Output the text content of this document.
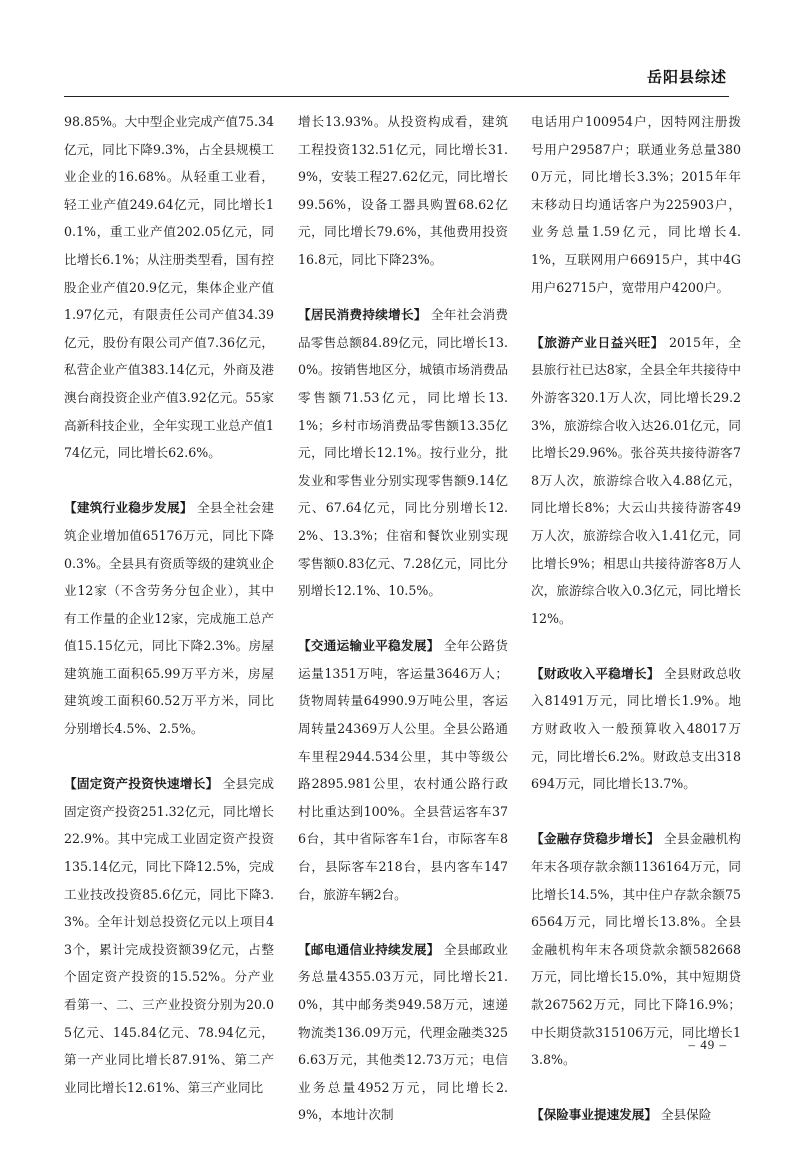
岳阳县综述

98.85%。大中型企业完成产值75.34亿元，同比下降9.3%，占全县规模工业企业的16.68%。从轻重工业看，轻工业产值249.64亿元，同比增长10.1%，重工业产值202.05亿元，同比增长6.1%；从注册类型看，国有控股企业产值20.9亿元，集体企业产值1.97亿元，有限责任公司产值34.39亿元，股份有限公司产值7.36亿元，私营企业产值383.14亿元，外商及港澳台商投资企业产值3.92亿元。55家高新科技企业，全年实现工业总产值174亿元，同比增长62.6%。

【建筑行业稳步发展】 全县全社会建筑企业增加值65176万元，同比下降0.3%。全县具有资质等级的建筑业企业12家（不含劳务分包企业），其中有工作量的企业12家，完成施工总产值15.15亿元，同比下降2.3%。房屋建筑施工面积65.99万平方米，房屋建筑竣工面积60.52万平方米，同比分别增长4.5%、2.5%。

【固定资产投资快速增长】 全县完成固定资产投资251.32亿元，同比增长22.9%。其中完成工业固定资产投资135.14亿元，同比下降12.5%，完成工业技改投资85.6亿元，同比下降3.3%。全年计划总投资亿元以上项目43个，累计完成投资额39亿元，占整个固定资产投资的15.52%。分产业看第一、二、三产业投资分别为20.05亿元、145.84亿元、78.94亿元，第一产业同比增长87.91%、第二产业同比增长12.61%、第三产业同比

增长13.93%。从投资构成看，建筑工程投资132.51亿元，同比增长31.9%，安装工程27.62亿元，同比增长99.56%，设备工器具购置68.62亿元，同比增长79.6%，其他费用投资16.8元，同比下降23%。

【居民消费持续增长】 全年社会消费品零售总额84.89亿元，同比增长13.0%。按销售地区分，城镇市场消费品零售额71.53亿元，同比增长13.1%；乡村市场消费品零售额13.35亿元，同比增长12.1%。按行业分，批发业和零售业分别实现零售额9.14亿元、67.64亿元，同比分别增长12.2%、13.3%；住宿和餐饮业别实现零售额0.83亿元、7.28亿元，同比分别增长12.1%、10.5%。

【交通运输业平稳发展】 全年公路货运量1351万吨，客运量3646万人；货物周转量64990.9万吨公里，客运周转量24369万人公里。全县公路通车里程2944.534公里，其中等级公路2895.981公里，农村通公路行政村比重达到100%。全县营运客车376台，其中省际客车1台，市际客车8台，县际客车218台，县内客车147台，旅游车辆2台。

【邮电通信业持续发展】 全县邮政业务总量4355.03万元，同比增长21.0%，其中邮务类949.58万元，速递物流类136.09万元，代理金融类3256.63万元，其他类12.73万元；电信业务总量4952万元，同比增长2.9%，本地计次制

电话用户100954户，因特网注册拨号用户29587户；联通业务总量3800万元，同比增长3.3%；2015年年末移动日均通话客户为225903户，业务总量1.59亿元，同比增长4.1%，互联网用户66915户，其中4G用户62715户，宽带用户4200户。

【旅游产业日益兴旺】 2015年，全县旅行社已达8家，全县全年共接待中外游客320.1万人次，同比增长29.23%，旅游综合收入达26.01亿元，同比增长29.96%。张谷英共接待游客78万人次，旅游综合收入4.88亿元，同比增长8%；大云山共接待游客49万人次，旅游综合收入1.41亿元，同比增长9%；相思山共接待游客8万人次，旅游综合收入0.3亿元，同比增长12%。

【财政收入平稳增长】 全县财政总收入81491万元，同比增长1.9%。地方财政收入一般预算收入48017万元，同比增长6.2%。财政总支出318694万元，同比增长13.7%。

【金融存贷稳步增长】 全县金融机构年末各项存款余额1136164万元，同比增长14.5%，其中住户存款余额756564万元，同比增长13.8%。全县金融机构年末各项贷款余额582668万元，同比增长15.0%，其中短期贷款267562万元，同比下降16.9%；中长期贷款315106万元，同比增长13.8%。

【保险事业提速发展】 全县保险

– 49 –
